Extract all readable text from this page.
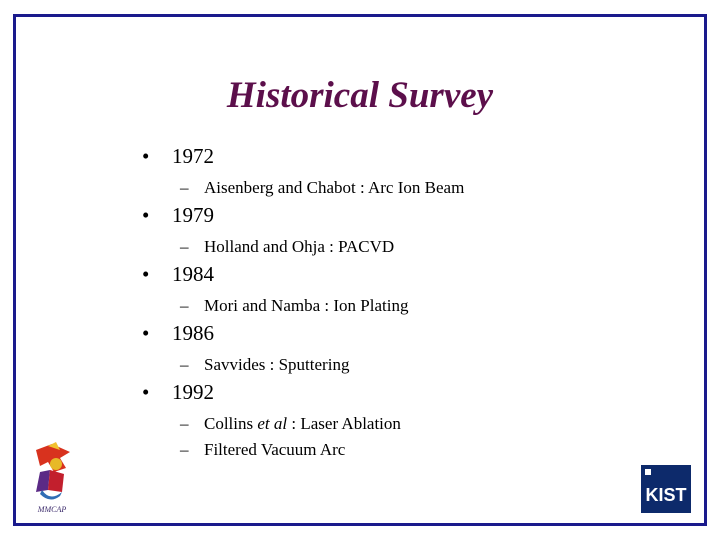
Historical Survey
•	1972
– Aisenberg and Chabot : Arc Ion Beam
•	1979
– Holland and Ohja : PACVD
•	1984
– Mori and Namba : Ion Plating
•	1986
– Savvides : Sputtering
•	1992
– Collins et al : Laser Ablation
– Filtered Vacuum Arc
MMCAP
KIST
